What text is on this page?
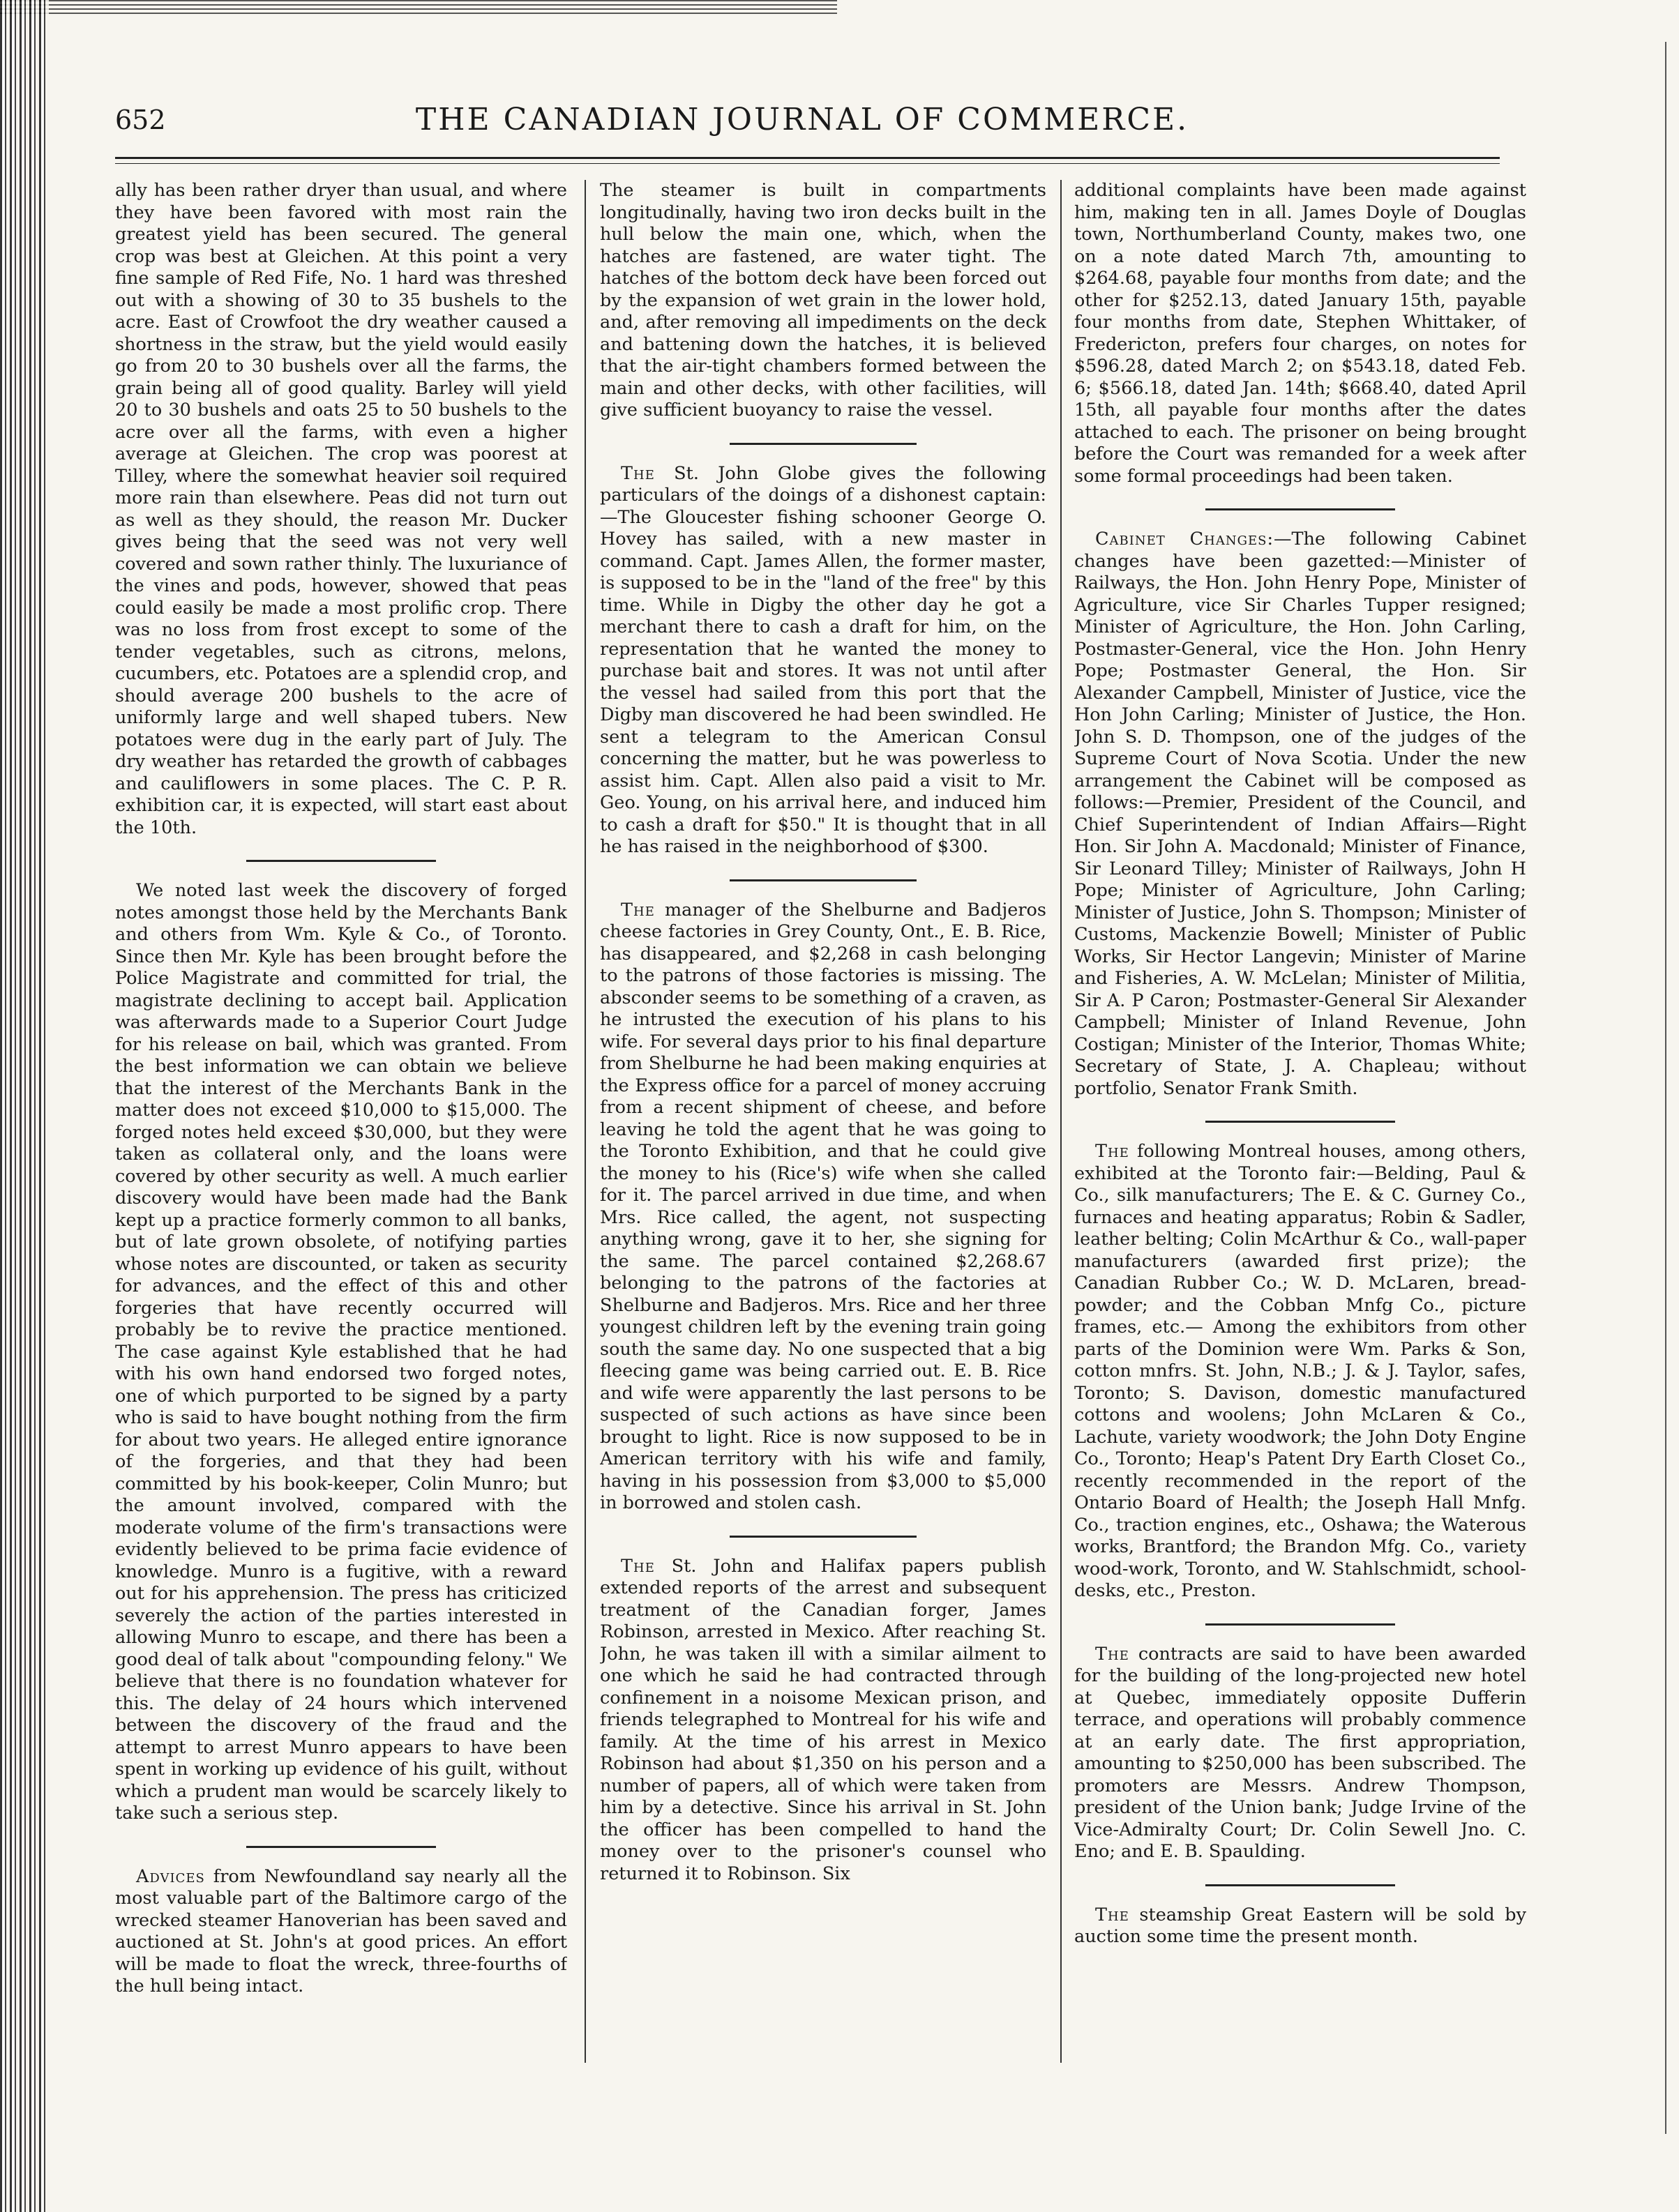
652	THE CANADIAN JOURNAL OF COMMERCE.

ally has been rather dryer than usual, and where they have been favored with most rain the greatest yield has been secured. The general crop was best at Gleichen. At this point a very fine sample of Red Fife, No. 1 hard was threshed out with a showing of 30 to 35 bushels to the acre. East of Crowfoot the dry weather caused a shortness in the straw, but the yield would easily go from 20 to 30 bushels over all the farms, the grain being all of good quality. Barley will yield 20 to 30 bushels and oats 25 to 50 bushels to the acre over all the farms, with even a higher average at Gleichen. The crop was poorest at Tilley, where the somewhat heavier soil required more rain than elsewhere. Peas did not turn out as well as they should, the reason Mr. Ducker gives being that the seed was not very well covered and sown rather thinly. The luxuriance of the vines and pods, however, showed that peas could easily be made a most prolific crop. There was no loss from frost except to some of the tender vegetables, such as citrons, melons, cucumbers, etc. Potatoes are a splendid crop, and should average 200 bushels to the acre of uniformly large and well shaped tubers. New potatoes were dug in the early part of July. The dry weather has retarded the growth of cabbages and cauliflowers in some places. The C. P. R. exhibition car, it is expected, will start east about the 10th.

We noted last week the discovery of forged notes amongst those held by the Merchants Bank and others from Wm. Kyle & Co., of Toronto. Since then Mr. Kyle has been brought before the Police Magistrate and committed for trial, the magistrate declining to accept bail. Application was afterwards made to a Superior Court Judge for his release on bail, which was granted. From the best information we can obtain we believe that the interest of the Merchants Bank in the matter does not exceed $10,000 to $15,000. The forged notes held exceed $30,000, but they were taken as collateral only, and the loans were covered by other security as well. A much earlier discovery would have been made had the Bank kept up a practice formerly common to all banks, but of late grown obsolete, of notifying parties whose notes are discounted, or taken as security for advances, and the effect of this and other forgeries that have recently occurred will probably be to revive the practice mentioned. The case against Kyle established that he had with his own hand endorsed two forged notes, one of which purported to be signed by a party who is said to have bought nothing from the firm for about two years. He alleged entire ignorance of the forgeries, and that they had been committed by his book-keeper, Colin Munro; but the amount involved, compared with the moderate volume of the firm's transactions were evidently believed to be prima facie evidence of knowledge. Munro is a fugitive, with a reward out for his apprehension. The press has criticized severely the action of the parties interested in allowing Munro to escape, and there has been a good deal of talk about "compounding felony." We believe that there is no foundation whatever for this. The delay of 24 hours which intervened between the discovery of the fraud and the attempt to arrest Munro appears to have been spent in working up evidence of his guilt, without which a prudent man would be scarcely likely to take such a serious step.

Advices from Newfoundland say nearly all the most valuable part of the Baltimore cargo of the wrecked steamer Hanoverian has been saved and auctioned at St. John's at good prices. An effort will be made to float the wreck, three-fourths of the hull being intact.

The steamer is built in compartments longitudinally, having two iron decks built in the hull below the main one, which, when the hatches are fastened, are water tight. The hatches of the bottom deck have been forced out by the expansion of wet grain in the lower hold, and, after removing all impediments on the deck and battening down the hatches, it is believed that the air-tight chambers formed between the main and other decks, with other facilities, will give sufficient buoyancy to raise the vessel.

The St. John Globe gives the following particulars of the doings of a dishonest captain: —The Gloucester fishing schooner George O. Hovey has sailed, with a new master in command. Capt. James Allen, the former master, is supposed to be in the "land of the free" by this time. While in Digby the other day he got a merchant there to cash a draft for him, on the representation that he wanted the money to purchase bait and stores. It was not until after the vessel had sailed from this port that the Digby man discovered he had been swindled. He sent a telegram to the American Consul concerning the matter, but he was powerless to assist him. Capt. Allen also paid a visit to Mr. Geo. Young, on his arrival here, and induced him to cash a draft for $50." It is thought that in all he has raised in the neighborhood of $300.

The manager of the Shelburne and Badjeros cheese factories in Grey County, Ont., E. B. Rice, has disappeared, and $2,268 in cash belonging to the patrons of those factories is missing. The absconder seems to be something of a craven, as he intrusted the execution of his plans to his wife. For several days prior to his final departure from Shelburne he had been making enquiries at the Express office for a parcel of money accruing from a recent shipment of cheese, and before leaving he told the agent that he was going to the Toronto Exhibition, and that he could give the money to his (Rice's) wife when she called for it. The parcel arrived in due time, and when Mrs. Rice called, the agent, not suspecting anything wrong, gave it to her, she signing for the same. The parcel contained $2,268.67 belonging to the patrons of the factories at Shelburne and Badjeros. Mrs. Rice and her three youngest children left by the evening train going south the same day. No one suspected that a big fleecing game was being carried out. E. B. Rice and wife were apparently the last persons to be suspected of such actions as have since been brought to light. Rice is now supposed to be in American territory with his wife and family, having in his possession from $3,000 to $5,000 in borrowed and stolen cash.

The St. John and Halifax papers publish extended reports of the arrest and subsequent treatment of the Canadian forger, James Robinson, arrested in Mexico. After reaching St. John, he was taken ill with a similar ailment to one which he said he had contracted through confinement in a noisome Mexican prison, and friends telegraphed to Montreal for his wife and family. At the time of his arrest in Mexico Robinson had about $1,350 on his person and a number of papers, all of which were taken from him by a detective. Since his arrival in St. John the officer has been compelled to hand the money over to the prisoner's counsel who returned it to Robinson. Six

additional complaints have been made against him, making ten in all. James Doyle of Douglas town, Northumberland County, makes two, one on a note dated March 7th, amounting to $264.68, payable four months from date; and the other for $252.13, dated January 15th, payable four months from date, Stephen Whittaker, of Fredericton, prefers four charges, on notes for $596.28, dated March 2; on $543.18, dated Feb. 6; $566.18, dated Jan. 14th; $668.40, dated April 15th, all payable four months after the dates attached to each. The prisoner on being brought before the Court was remanded for a week after some formal proceedings had been taken.

Cabinet Changes:—The following Cabinet changes have been gazetted:—Minister of Railways, the Hon. John Henry Pope, Minister of Agriculture, vice Sir Charles Tupper resigned; Minister of Agriculture, the Hon. John Carling, Postmaster-General, vice the Hon. John Henry Pope; Postmaster General, the Hon. Sir Alexander Campbell, Minister of Justice, vice the Hon John Carling; Minister of Justice, the Hon. John S. D. Thompson, one of the judges of the Supreme Court of Nova Scotia. Under the new arrangement the Cabinet will be composed as follows:—Premier, President of the Council, and Chief Superintendent of Indian Affairs—Right Hon. Sir John A. Macdonald; Minister of Finance, Sir Leonard Tilley; Minister of Railways, John H Pope; Minister of Agriculture, John Carling; Minister of Justice, John S. Thompson; Minister of Customs, Mackenzie Bowell; Minister of Public Works, Sir Hector Langevin; Minister of Marine and Fisheries, A. W. McLelan; Minister of Militia, Sir A. P Caron; Postmaster-General Sir Alexander Campbell; Minister of Inland Revenue, John Costigan; Minister of the Interior, Thomas White; Secretary of State, J. A. Chapleau; without portfolio, Senator Frank Smith.

The following Montreal houses, among others, exhibited at the Toronto fair:—Belding, Paul & Co., silk manufacturers; The E. & C. Gurney Co., furnaces and heating apparatus; Robin & Sadler, leather belting; Colin McArthur & Co., wall-paper manufacturers (awarded first prize); the Canadian Rubber Co.; W. D. McLaren, bread-powder; and the Cobban Mnfg Co., picture frames, etc.— Among the exhibitors from other parts of the Dominion were Wm. Parks & Son, cotton mnfrs. St. John, N.B.; J. & J. Taylor, safes, Toronto; S. Davison, domestic manufactured cottons and woolens; John McLaren & Co., Lachute, variety woodwork; the John Doty Engine Co., Toronto; Heap's Patent Dry Earth Closet Co., recently recommended in the report of the Ontario Board of Health; the Joseph Hall Mnfg. Co., traction engines, etc., Oshawa; the Waterous works, Brantford; the Brandon Mfg. Co., variety wood-work, Toronto, and W. Stahlschmidt, school-desks, etc., Preston.

The contracts are said to have been awarded for the building of the long-projected new hotel at Quebec, immediately opposite Dufferin terrace, and operations will probably commence at an early date. The first appropriation, amounting to $250,000 has been subscribed. The promoters are Messrs. Andrew Thompson, president of the Union bank; Judge Irvine of the Vice-Admiralty Court; Dr. Colin Sewell Jno. C. Eno; and E. B. Spaulding.

The steamship Great Eastern will be sold by auction some time the present month.
